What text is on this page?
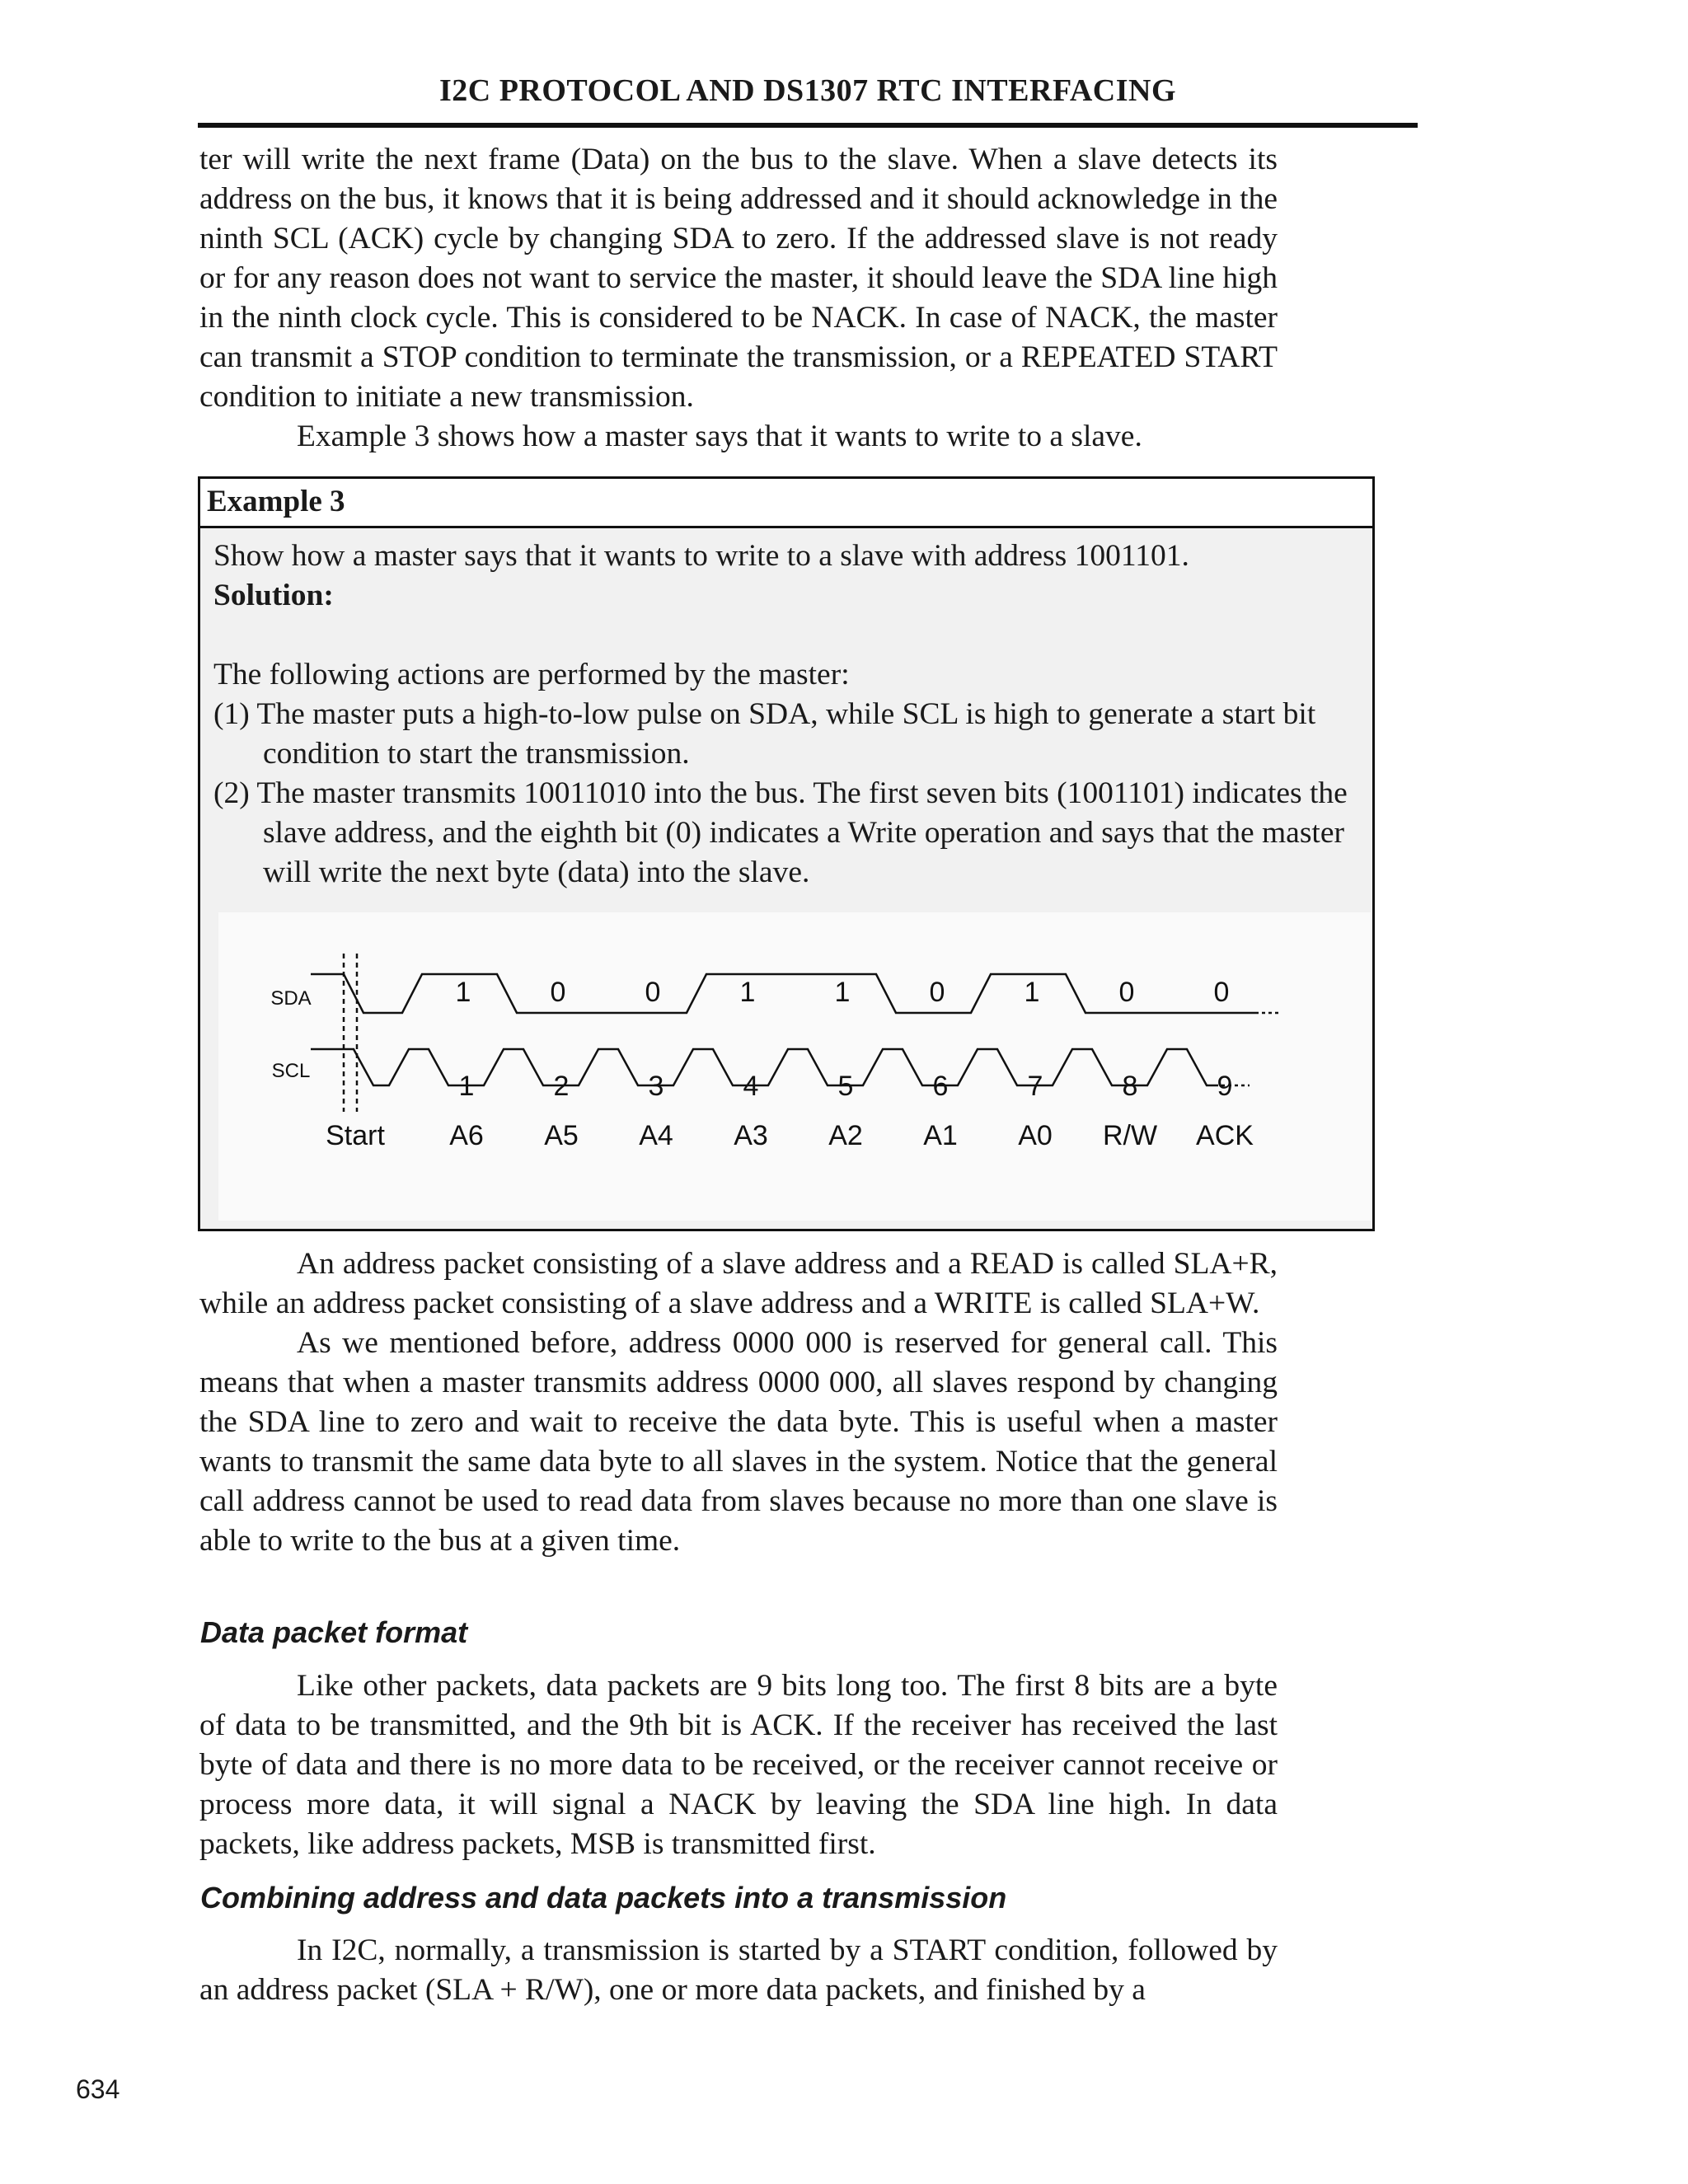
I2C PROTOCOL AND DS1307 RTC INTERFACING

ter will write the next frame (Data) on the bus to the slave. When a slave detects its address on the bus, it knows that it is being addressed and it should acknowledge in the ninth SCL (ACK) cycle by changing SDA to zero. If the addressed slave is not ready or for any reason does not want to service the master, it should leave the SDA line high in the ninth clock cycle. This is considered to be NACK. In case of NACK, the master can transmit a STOP condition to terminate the transmission, or a REPEATED START condition to initiate a new transmission.

Example 3 shows how a master says that it wants to write to a slave.

Example 3

Show how a master says that it wants to write to a slave with address 1001101.

Solution:

The following actions are performed by the master:

(1) The master puts a high-to-low pulse on SDA, while SCL is high to generate a start bit condition to start the transmission.

(2) The master transmits 10011010 into the bus. The first seven bits (1001101) indicates the slave address, and the eighth bit (0) indicates a Write operation and says that the master will write the next byte (data) into the slave.

SDA
SCL
Start
1	0	0	1	1	0	1	0	0
1
A6
2
A5
3
A4
4
A3
5
A2
6
A1
7
A0
8
R/W
9
ACK

An address packet consisting of a slave address and a READ is called SLA+R, while an address packet consisting of a slave address and a WRITE is called SLA+W.

As we mentioned before, address 0000 000 is reserved for general call. This means that when a master transmits address 0000 000, all slaves respond by changing the SDA line to zero and wait to receive the data byte. This is useful when a master wants to transmit the same data byte to all slaves in the system. Notice that the general call address cannot be used to read data from slaves because no more than one slave is able to write to the bus at a given time.

Data packet format

Like other packets, data packets are 9 bits long too. The first 8 bits are a byte of data to be transmitted, and the 9th bit is ACK. If the receiver has received the last byte of data and there is no more data to be received, or the receiver cannot receive or process more data, it will signal a NACK by leaving the SDA line high. In data packets, like address packets, MSB is transmitted first.

Combining address and data packets into a transmission

In I2C, normally, a transmission is started by a START condition, followed by an address packet (SLA + R/W), one or more data packets, and finished by a

634
